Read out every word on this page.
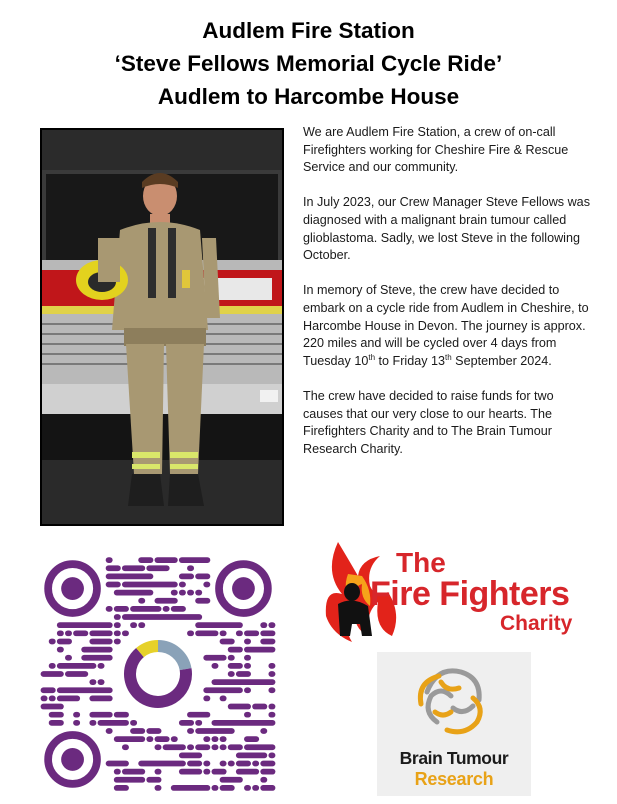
Audlem Fire Station
‘Steve Fellows Memorial Cycle Ride’
Audlem to Harcombe House

We are Audlem Fire Station, a crew of on-call Firefighters working for Cheshire Fire & Rescue Service and our community.

In July 2023, our Crew Manager Steve Fellows was diagnosed with a malignant brain tumour called glioblastoma. Sadly, we lost Steve in the following October.

In memory of Steve, the crew have decided to embark on a cycle ride from Audlem in Cheshire, to Harcombe House in Devon. The journey is approx. 220 miles and will be cycled over 4 days from Tuesday 10th to Friday 13th September 2024.

The crew have decided to raise funds for two causes that our very close to our hearts. The Firefighters Charity and to The Brain Tumour Research Charity.

The
Fire Fighters
Charity
Brain Tumour
Research
